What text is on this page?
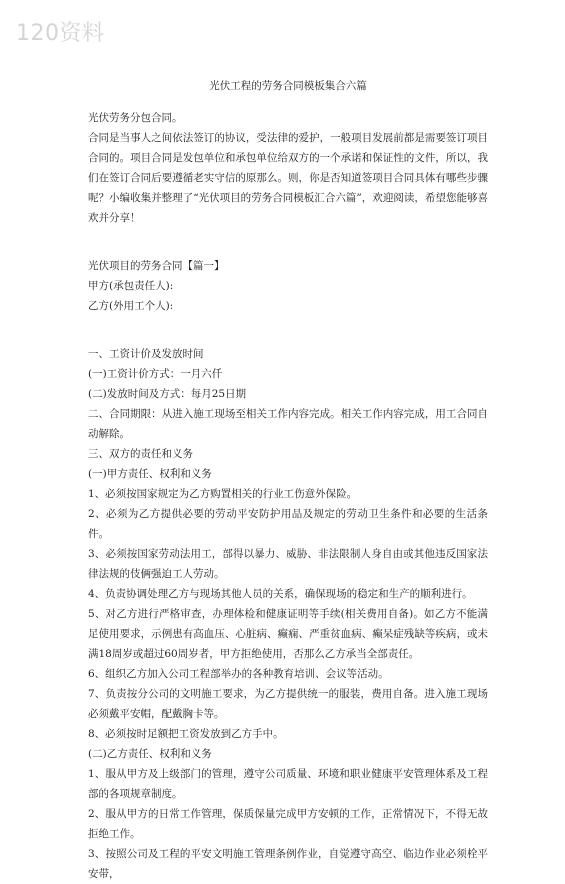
120资料
光伏工程的劳务合同模板集合六篇

光伏劳务分包合同。

合同是当事人之间依法签订的协议，受法律的爱护，一般项目发展前都是需要签订项目合同的。项目合同是发包单位和承包单位给双方的一个承诺和保证性的文件，所以，我们在签订合同后要遵循老实守信的原那么。则，你是否知道签项目合同具体有哪些步骤呢？小编收集并整理了“光伏项目的劳务合同模板汇合六篇”，欢迎阅读，希望您能够喜欢并分享！

光伏项目的劳务合同【篇一】

甲方(承包责任人):

乙方(外用工个人):

一、工资计价及发放时间

(一)工资计价方式：一月六仟

(二)发放时间及方式：每月25日期

二、合同期限：从进入施工现场至相关工作内容完成。相关工作内容完成，用工合同自动解除。

三、双方的责任和义务

(一)甲方责任、权利和义务

1、必须按国家规定为乙方购置相关的行业工伤意外保险。

2、必须为乙方提供必要的劳动平安防护用品及规定的劳动卫生条件和必要的生活条件。

3、必须按国家劳动法用工，部得以暴力、威胁、非法限制人身自由或其他违反国家法律法规的伎俩强迫工人劳动。

4、负责协调处理乙方与现场其他人员的关系，确保现场的稳定和生产的顺利进行。

5、对乙方进行严格审查，办理体检和健康证明等手续(相关费用自备)。如乙方不能满足使用要求，示例患有高血压、心脏病、癫痫、严重贫血病、癫呆症残缺等疾病，或未满18周岁或超过60周岁者，甲方拒绝使用，否那么乙方承当全部责任。

6、组织乙方加入公司工程部举办的各种教育培训、会议等活动。

7、负责按分公司的文明施工要求，为乙方提供统一的服装，费用自备。进入施工现场必须戴平安帽，配戴胸卡等。

8、必须按时足额把工资发放到乙方手中。

(二)乙方责任、权利和义务

1、服从甲方及上级部门的管理，遵守公司质量、环境和职业健康平安管理体系及工程部的各项规章制度。

2、服从甲方的日常工作管理，保质保量完成甲方安顿的工作，正常情况下，不得无故拒绝工作。

3、按照公司及工程的平安文明施工管理条例作业，自觉遵守高空、临边作业必须栓平安带，
